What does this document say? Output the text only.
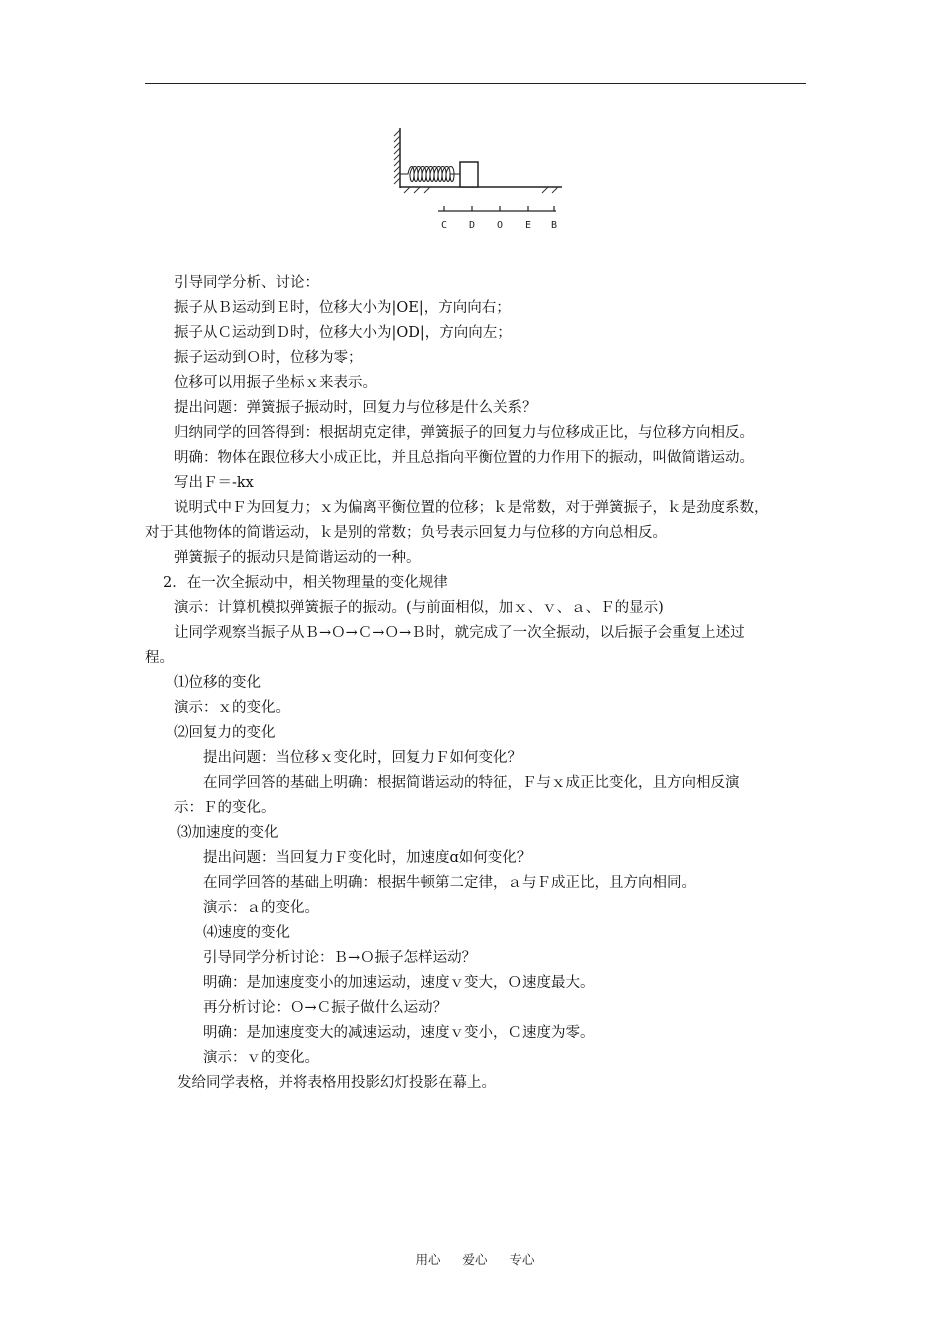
C D O E B
引导同学分析、讨论：
振子从Ｂ运动到Ｅ时，位移大小为|OE|，方向向右；
振子从Ｃ运动到Ｄ时，位移大小为|OD|，方向向左；
振子运动到Ｏ时，位移为零；
位移可以用振子坐标ｘ来表示。
提出问题：弹簧振子振动时，回复力与位移是什么关系？
归纳同学的回答得到：根据胡克定律，弹簧振子的回复力与位移成正比，与位移方向相反。
明确：物体在跟位移大小成正比，并且总指向平衡位置的力作用下的振动，叫做简谐运动。
写出Ｆ＝-kx
说明式中Ｆ为回复力；ｘ为偏离平衡位置的位移；ｋ是常数，对于弹簧振子，ｋ是劲度系数，
对于其他物体的简谐运动，ｋ是别的常数；负号表示回复力与位移的方向总相反。
弹簧振子的振动只是简谐运动的一种。
2．在一次全振动中，相关物理量的变化规律
演示：计算机模拟弹簧振子的振动。(与前面相似，加ｘ、ｖ、ａ、Ｆ的显示)
让同学观察当振子从Ｂ→Ｏ→Ｃ→Ｏ→Ｂ时，就完成了一次全振动，以后振子会重复上述过
程。
⑴位移的变化
演示：ｘ的变化。
⑵回复力的变化
提出问题：当位移ｘ变化时，回复力Ｆ如何变化？
在同学回答的基础上明确：根据简谐运动的特征，Ｆ与ｘ成正比变化，且方向相反演
示：Ｆ的变化。
⑶加速度的变化
提出问题：当回复力Ｆ变化时，加速度ɑ如何变化？
在同学回答的基础上明确：根据牛顿第二定律，ａ与Ｆ成正比，且方向相同。
演示：ａ的变化。
⑷速度的变化
引导同学分析讨论：Ｂ→Ｏ振子怎样运动？
明确：是加速度变小的加速运动，速度ｖ变大，Ｏ速度最大。
再分析讨论：Ｏ→Ｃ振子做什么运动？
明确：是加速度变大的减速运动，速度ｖ变小，Ｃ速度为零。
演示：ｖ的变化。
发给同学表格，并将表格用投影幻灯投影在幕上。
用心 爱心 专心
